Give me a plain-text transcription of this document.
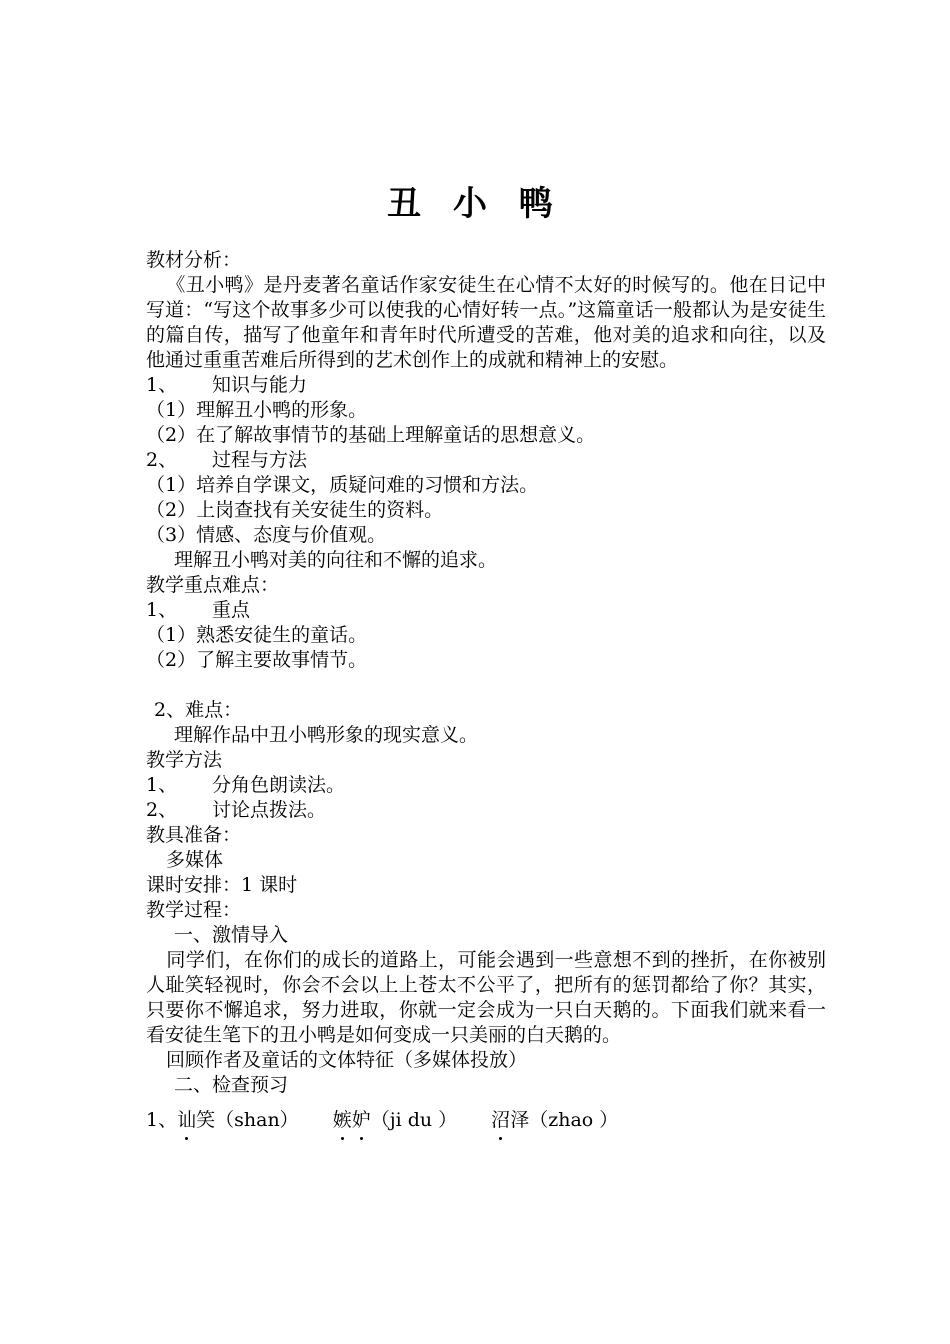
丑 小 鸭
教材分析：
《丑小鸭》是丹麦著名童话作家安徒生在心情不太好的时候写的。他在日记中写道：“写这个故事多少可以使我的心情好转一点。”这篇童话一般都认为是安徒生的篇自传，描写了他童年和青年时代所遭受的苦难，他对美的追求和向往，以及他通过重重苦难后所得到的艺术创作上的成就和精神上的安慰。
1、 知识与能力
（1）理解丑小鸭的形象。
（2）在了解故事情节的基础上理解童话的思想意义。
2、 过程与方法
（1）培养自学课文，质疑问难的习惯和方法。
（2）上岗查找有关安徒生的资料。
（3）情感、态度与价值观。
理解丑小鸭对美的向往和不懈的追求。
教学重点难点：
1、 重点
（1）熟悉安徒生的童话。
（2）了解主要故事情节。
2、难点：
理解作品中丑小鸭形象的现实意义。
教学方法
1、 分角色朗读法。
2、 讨论点拨法。
教具准备：
多媒体
课时安排：1 课时
教学过程：
一、激情导入
同学们，在你们的成长的道路上，可能会遇到一些意想不到的挫折，在你被别人耻笑轻视时，你会不会以上上苍太不公平了，把所有的惩罚都给了你？其实，只要你不懈追求，努力进取，你就一定会成为一只白天鹅的。下面我们就来看一看安徒生笔下的丑小鸭是如何变成一只美丽的白天鹅的。
回顾作者及童话的文体特征（多媒体投放）
二、检查预习
1、讪笑（shan） 嫉妒（ji du ） 沼泽（zhao ）
